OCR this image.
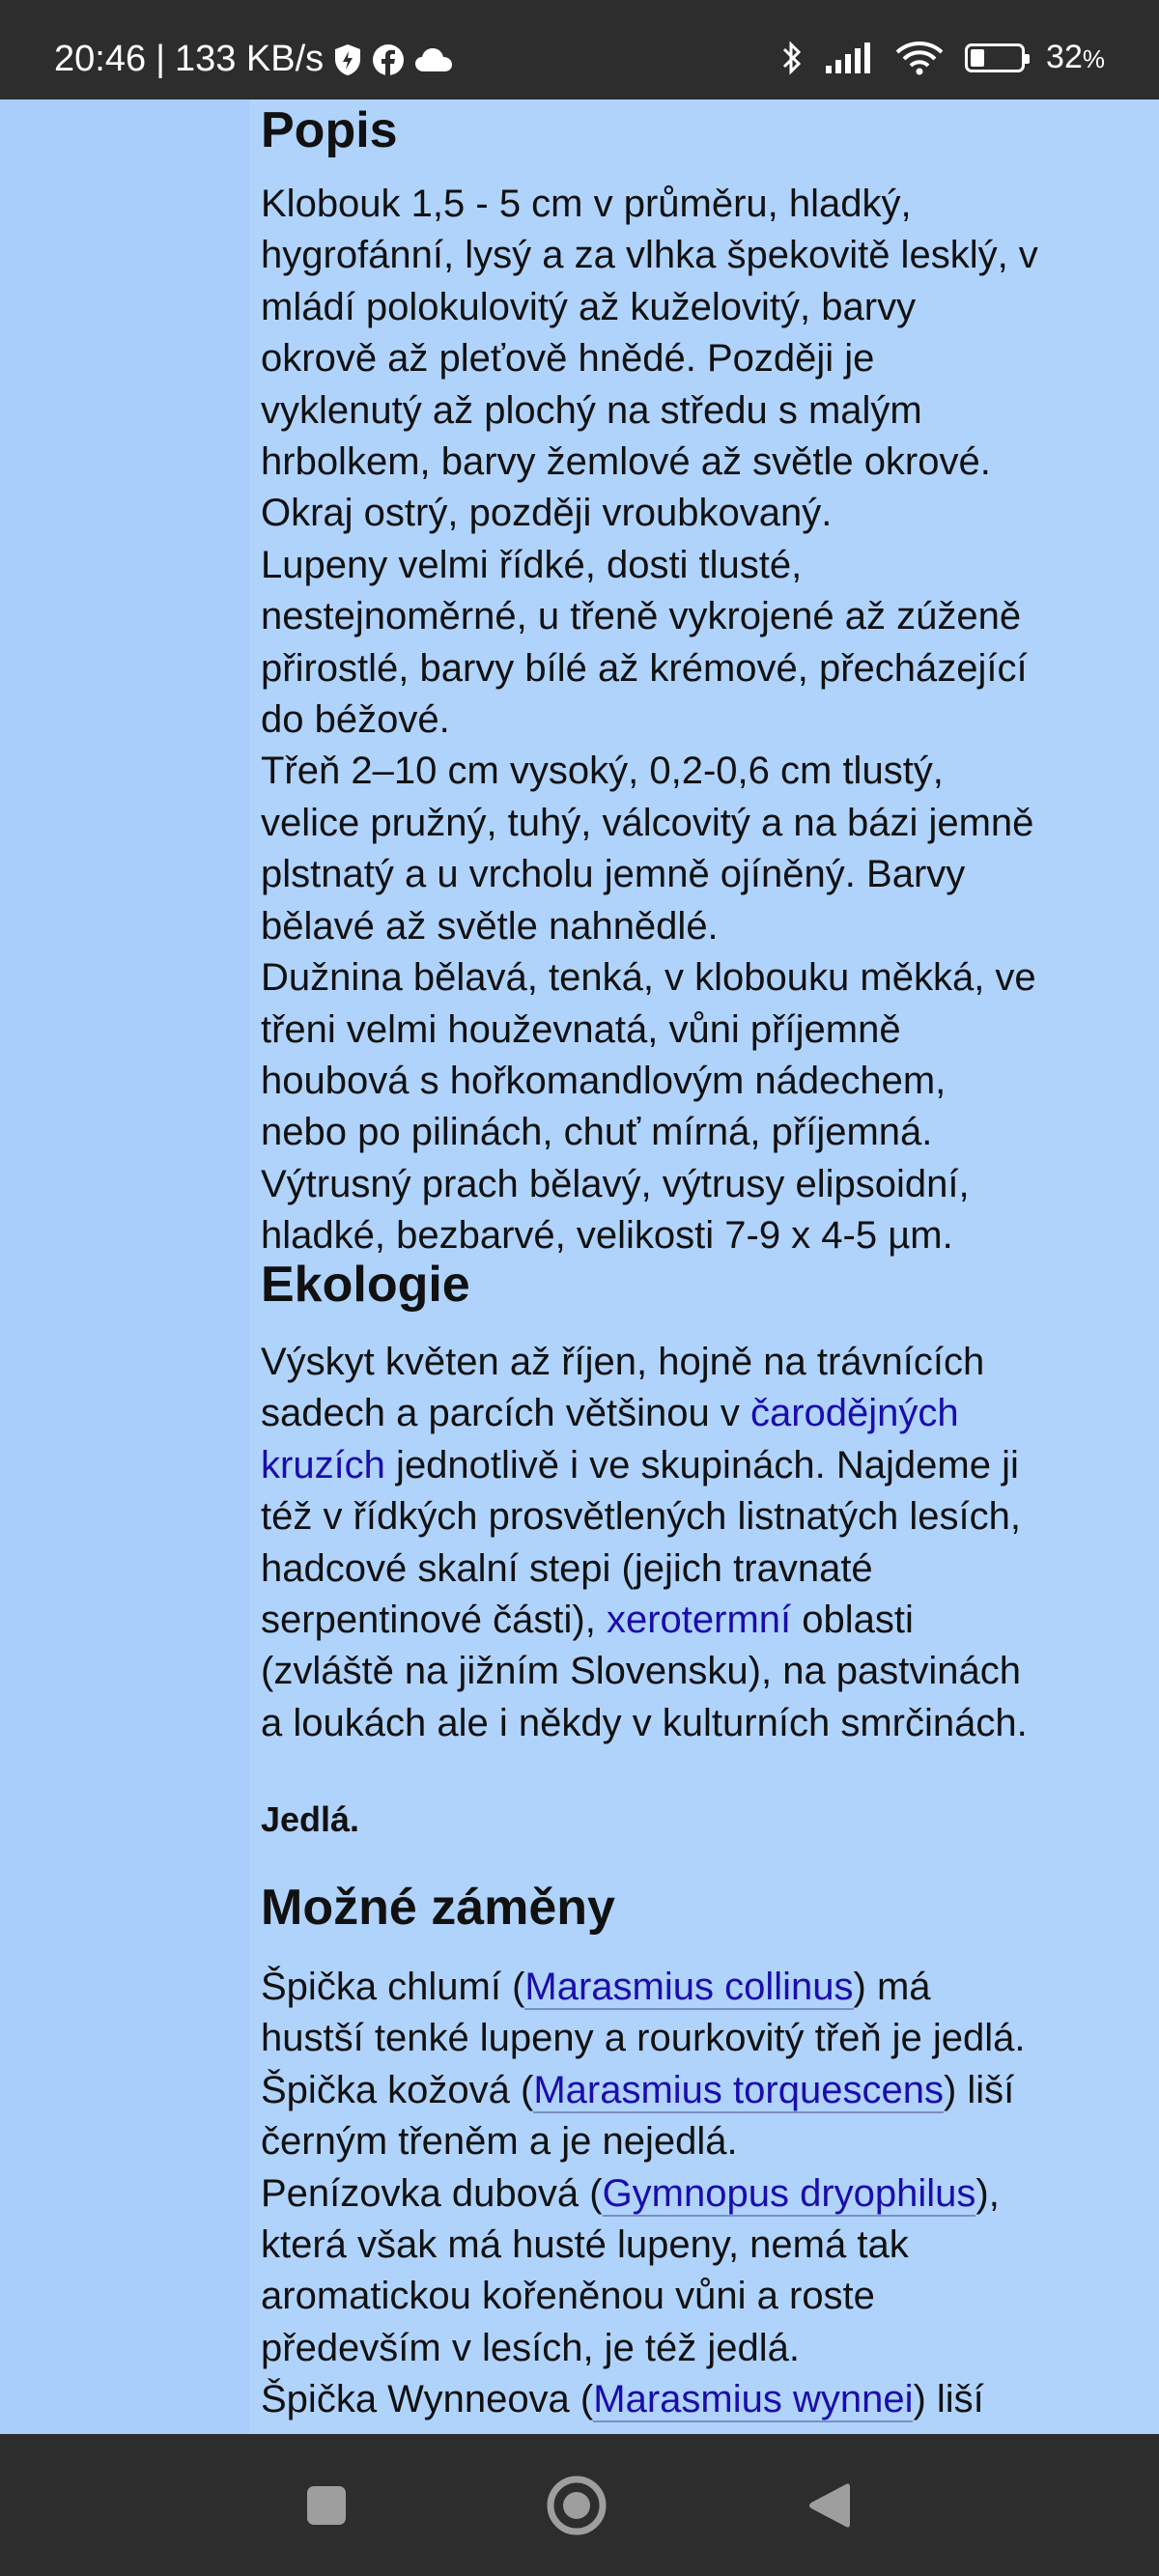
20:46 | 133 KB/s	32%
Popis
Klobouk 1,5 - 5 cm v průměru, hladký,
hygrofánní, lysý a za vlhka špekovitě lesklý, v
mládí polokulovitý až kuželovitý, barvy
okrově až pleťově hnědé. Později je
vyklenutý až plochý na středu s malým
hrbolkem, barvy žemlové až světle okrové.
Okraj ostrý, později vroubkovaný.
Lupeny velmi řídké, dosti tlusté,
nestejnoměrné, u třeně vykrojené až zúženě
přirostlé, barvy bílé až krémové, přecházející
do béžové.
Třeň 2–10 cm vysoký, 0,2-0,6 cm tlustý,
velice pružný, tuhý, válcovitý a na bázi jemně
plstnatý a u vrcholu jemně ojíněný. Barvy
bělavé až světle nahnědlé.
Dužnina bělavá, tenká, v klobouku měkká, ve
třeni velmi houževnatá, vůni příjemně
houbová s hořkomandlovým nádechem,
nebo po pilinách, chuť mírná, příjemná.
Výtrusný prach bělavý, výtrusy elipsoidní,
hladké, bezbarvé, velikosti 7-9 x 4-5 µm.
Ekologie
Výskyt květen až říjen, hojně na trávnících
sadech a parcích většinou v čarodějných
kruzích jednotlivě i ve skupinách. Najdeme ji
též v řídkých prosvětlených listnatých lesích,
hadcové skalní stepi (jejich travnaté
serpentinové části), xerotermní oblasti
(zvláště na jižním Slovensku), na pastvinách
a loukách ale i někdy v kulturních smrčinách.

Jedlá.

Možné záměny
Špička chlumí (Marasmius collinus) má
hustší tenké lupeny a rourkovitý třeň je jedlá.
Špička kožová (Marasmius torquescens) liší
černým třeněm a je nejedlá.
Penízovka dubová (Gymnopus dryophilus),
která však má husté lupeny, nemá tak
aromatickou kořeněnou vůni a roste
především v lesích, je též jedlá.
Špička Wynneova (Marasmius wynnei) liší
